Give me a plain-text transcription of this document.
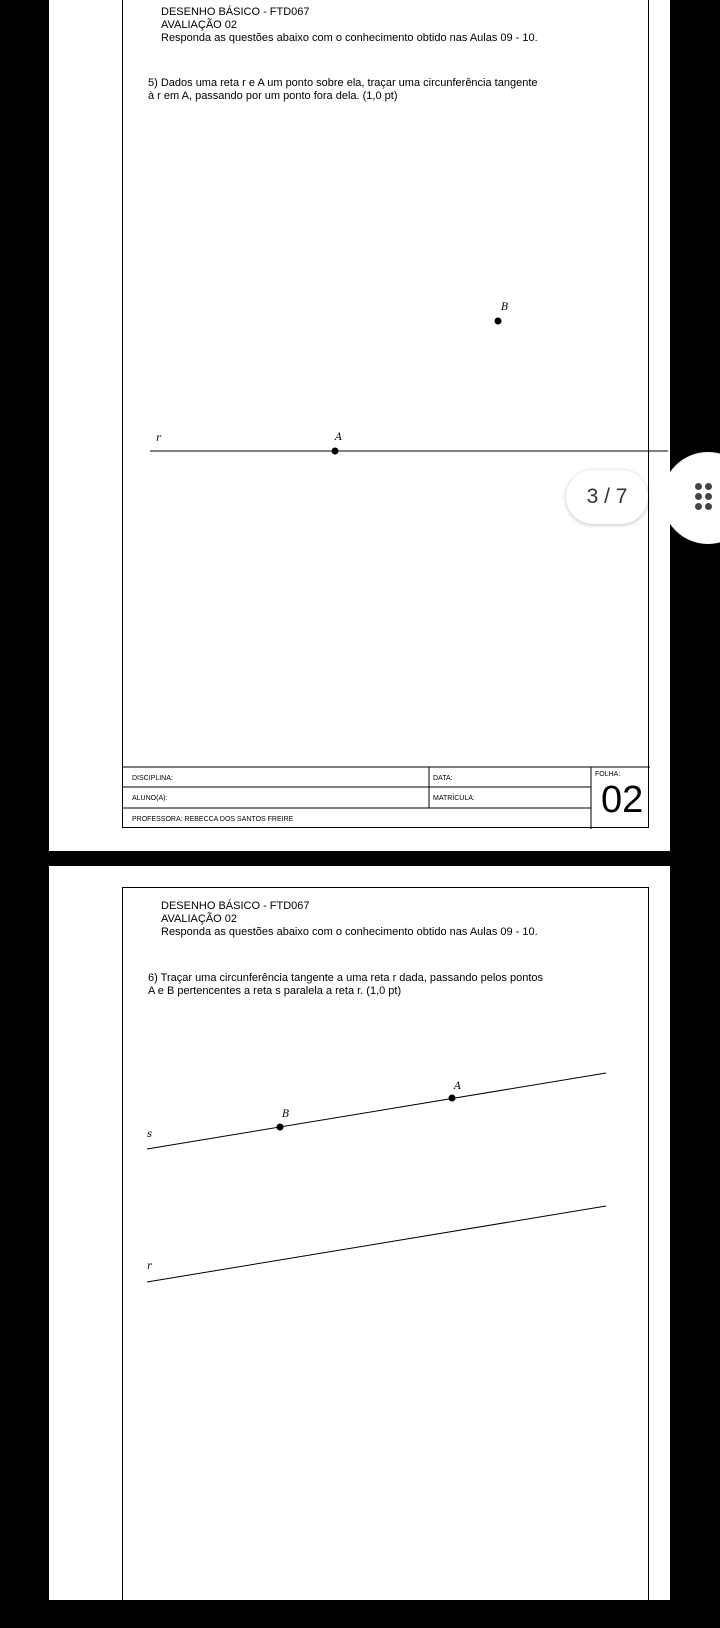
DESENHO BÁSICO - FTD067
AVALIAÇÃO 02
Responda as questões abaixo com o conhecimento obtido nas Aulas 09 - 10.
5) Dados uma reta r e A um ponto sobre ela, traçar uma circunferência tangente
à r em A, passando por um ponto fora dela. (1,0 pt)
r	A
B
DISCIPLINA:	DATA:
FOLHA:
02
ALUNO(A):	MATRÍCULA:
PROFESSORA: REBECCA DOS SANTOS FREIRE
DESENHO BÁSICO - FTD067
AVALIAÇÃO 02
Responda as questões abaixo com o conhecimento obtido nas Aulas 09 - 10.
6) Traçar uma circunferência tangente a uma reta r dada, passando pelos pontos
A e B pertencentes a reta s paralela a reta r. (1,0 pt)
A
B
s
r
3 / 7
